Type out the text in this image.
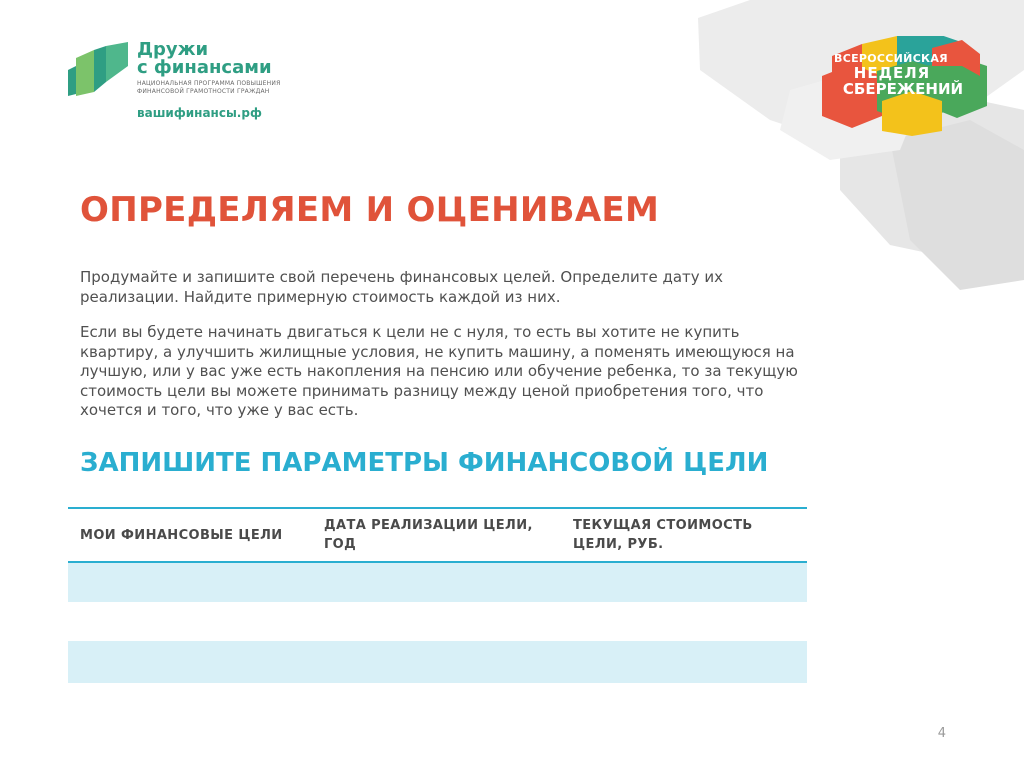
Дружи
с финансами
НАЦИОНАЛЬНАЯ ПРОГРАММА ПОВЫШЕНИЯ
ФИНАНСОВОЙ ГРАМОТНОСТИ ГРАЖДАН
вашифинансы.рф
ВСЕРОССИЙСКАЯ
НЕДЕЛЯ
СБЕРЕЖЕНИЙ
ОПРЕДЕЛЯЕМ И ОЦЕНИВАЕМ

Продумайте и запишите свой перечень финансовых целей. Определите дату их реализации. Найдите примерную стоимость каждой из них.

Если вы будете начинать двигаться к цели не с нуля, то есть вы хотите не купить квартиру, а улучшить жилищные условия, не купить машину, а поменять имеющуюся на лучшую, или у вас уже есть накопления на пенсию или обучение ребенка, то за текущую стоимость цели вы можете принимать разницу между ценой приобретения того, что хочется и того, что уже у вас есть.

ЗАПИШИТЕ ПАРАМЕТРЫ ФИНАНСОВОЙ ЦЕЛИ
МОИ ФИНАНСОВЫЕ ЦЕЛИ	ДАТА РЕАЛИЗАЦИИ ЦЕЛИ, ГОД	ТЕКУЩАЯ СТОИМОСТЬ ЦЕЛИ, РУБ.

4
